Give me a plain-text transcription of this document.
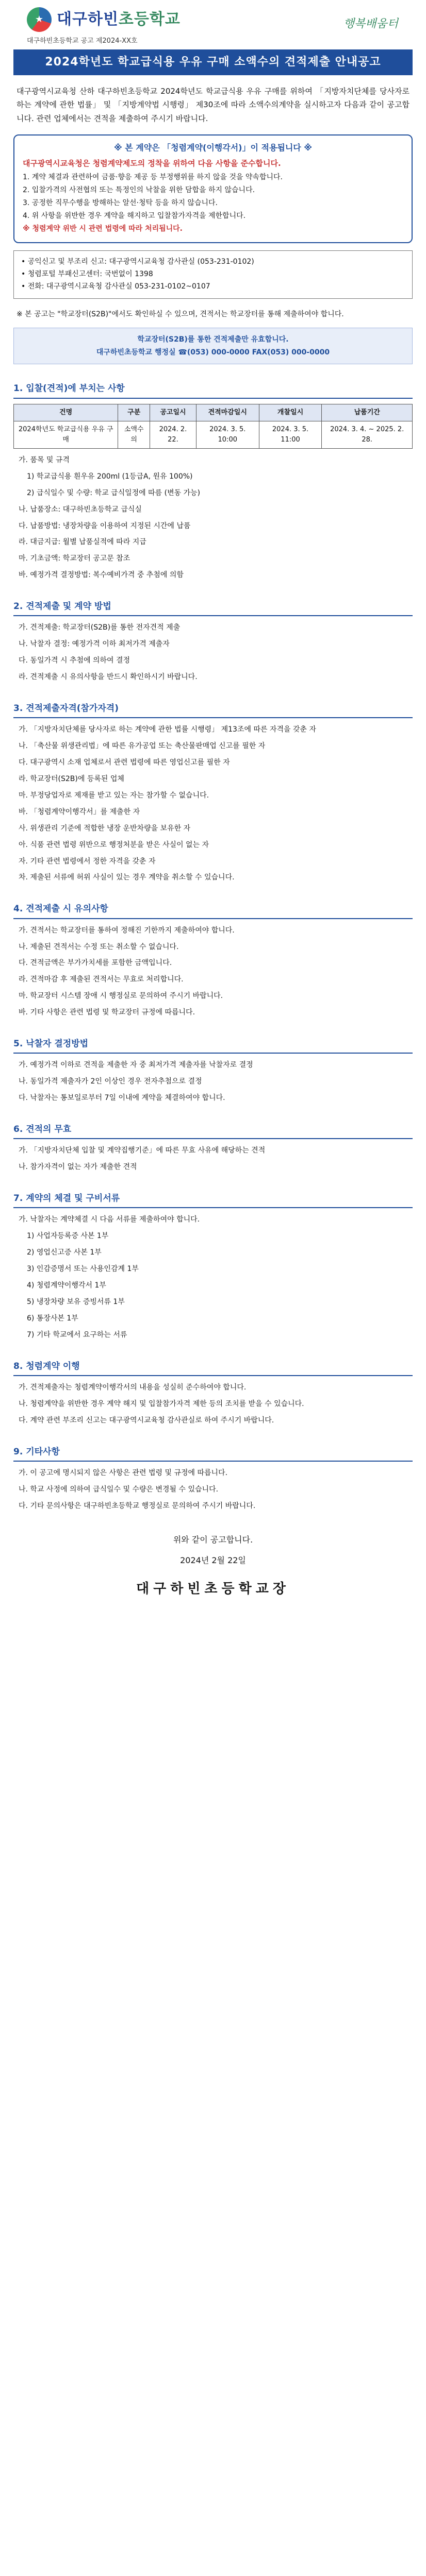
★ 대구하빈초등학교	행복배움터
대구하빈초등학교 공고 제2024-XX호
2024학년도 학교급식용 우유 구매 소액수의 견적제출 안내공고

대구광역시교육청 산하 대구하빈초등학교 2024학년도 학교급식용 우유 구매를 위하여 「지방자치단체를 당사자로 하는 계약에 관한 법률」 및 「지방계약법 시행령」 제30조에 따라 소액수의계약을 실시하고자 다음과 같이 공고합니다. 관련 업체에서는 견적을 제출하여 주시기 바랍니다.

※ 본 계약은 「청렴계약(이행각서)」이 적용됩니다 ※
대구광역시교육청은 청렴계약제도의 정착을 위하여 다음 사항을 준수합니다.

1. 계약 체결과 관련하여 금품·향응 제공 등 부정행위를 하지 않을 것을 약속합니다.

2. 입찰가격의 사전협의 또는 특정인의 낙찰을 위한 담합을 하지 않습니다.

3. 공정한 직무수행을 방해하는 알선·청탁 등을 하지 않습니다.

4. 위 사항을 위반한 경우 계약을 해지하고 입찰참가자격을 제한합니다.

※ 청렴계약 위반 시 관련 법령에 따라 처리됩니다.

• 공익신고 및 부조리 신고: 대구광역시교육청 감사관실 (053-231-0102)

• 청렴포털 부패신고센터: 국번없이 1398

• 전화: 대구광역시교육청 감사관실 053-231-0102~0107

※ 본 공고는 "학교장터(S2B)"에서도 확인하실 수 있으며, 견적서는 학교장터를 통해 제출하여야 합니다.

학교장터(S2B)를 통한 견적제출만 유효합니다.
대구하빈초등학교 행정실 ☎(053) 000-0000 FAX(053) 000-0000
1. 입찰(견적)에 부치는 사항
건명	구분	공고일시	견적마감일시	개찰일시	납품기간
2024학년도 학교급식용 우유 구매	소액수의	2024. 2. 22.	2024. 3. 5. 10:00	2024. 3. 5. 11:00	2024. 3. 4. ~ 2025. 2. 28.

가. 품목 및 규격

1) 학교급식용 흰우유 200ml (1등급A, 원유 100%)

2) 급식일수 및 수량: 학교 급식일정에 따름 (변동 가능)

나. 납품장소: 대구하빈초등학교 급식실

다. 납품방법: 냉장차량을 이용하여 지정된 시간에 납품

라. 대금지급: 월별 납품실적에 따라 지급

마. 기초금액: 학교장터 공고문 참조

바. 예정가격 결정방법: 복수예비가격 중 추첨에 의함

2. 견적제출 및 계약 방법

가. 견적제출: 학교장터(S2B)를 통한 전자견적 제출

나. 낙찰자 결정: 예정가격 이하 최저가격 제출자

다. 동일가격 시 추첨에 의하여 결정

라. 견적제출 시 유의사항을 반드시 확인하시기 바랍니다.

3. 견적제출자격(참가자격)

가. 「지방자치단체를 당사자로 하는 계약에 관한 법률 시행령」 제13조에 따른 자격을 갖춘 자

나. 「축산물 위생관리법」에 따른 유가공업 또는 축산물판매업 신고를 필한 자

다. 대구광역시 소재 업체로서 관련 법령에 따른 영업신고를 필한 자

라. 학교장터(S2B)에 등록된 업체

마. 부정당업자로 제재를 받고 있는 자는 참가할 수 없습니다.

바. 「청렴계약이행각서」를 제출한 자

사. 위생관리 기준에 적합한 냉장 운반차량을 보유한 자

아. 식품 관련 법령 위반으로 행정처분을 받은 사실이 없는 자

자. 기타 관련 법령에서 정한 자격을 갖춘 자

차. 제출된 서류에 허위 사실이 있는 경우 계약을 취소할 수 있습니다.

4. 견적제출 시 유의사항

가. 견적서는 학교장터를 통하여 정해진 기한까지 제출하여야 합니다.

나. 제출된 견적서는 수정 또는 취소할 수 없습니다.

다. 견적금액은 부가가치세를 포함한 금액입니다.

라. 견적마감 후 제출된 견적서는 무효로 처리합니다.

마. 학교장터 시스템 장애 시 행정실로 문의하여 주시기 바랍니다.

바. 기타 사항은 관련 법령 및 학교장터 규정에 따릅니다.

5. 낙찰자 결정방법

가. 예정가격 이하로 견적을 제출한 자 중 최저가격 제출자를 낙찰자로 결정

나. 동일가격 제출자가 2인 이상인 경우 전자추첨으로 결정

다. 낙찰자는 통보일로부터 7일 이내에 계약을 체결하여야 합니다.

6. 견적의 무효

가. 「지방자치단체 입찰 및 계약집행기준」에 따른 무효 사유에 해당하는 견적

나. 참가자격이 없는 자가 제출한 견적

7. 계약의 체결 및 구비서류

가. 낙찰자는 계약체결 시 다음 서류를 제출하여야 합니다.

1) 사업자등록증 사본 1부

2) 영업신고증 사본 1부

3) 인감증명서 또는 사용인감계 1부

4) 청렴계약이행각서 1부

5) 냉장차량 보유 증빙서류 1부

6) 통장사본 1부

7) 기타 학교에서 요구하는 서류

8. 청렴계약 이행

가. 견적제출자는 청렴계약이행각서의 내용을 성실히 준수하여야 합니다.

나. 청렴계약을 위반한 경우 계약 해지 및 입찰참가자격 제한 등의 조치를 받을 수 있습니다.

다. 계약 관련 부조리 신고는 대구광역시교육청 감사관실로 하여 주시기 바랍니다.

9. 기타사항

가. 이 공고에 명시되지 않은 사항은 관련 법령 및 규정에 따릅니다.

나. 학교 사정에 의하여 급식일수 및 수량은 변경될 수 있습니다.

다. 기타 문의사항은 대구하빈초등학교 행정실로 문의하여 주시기 바랍니다.

위와 같이 공고합니다.
2024년 2월 22일
대구하빈초등학교장
